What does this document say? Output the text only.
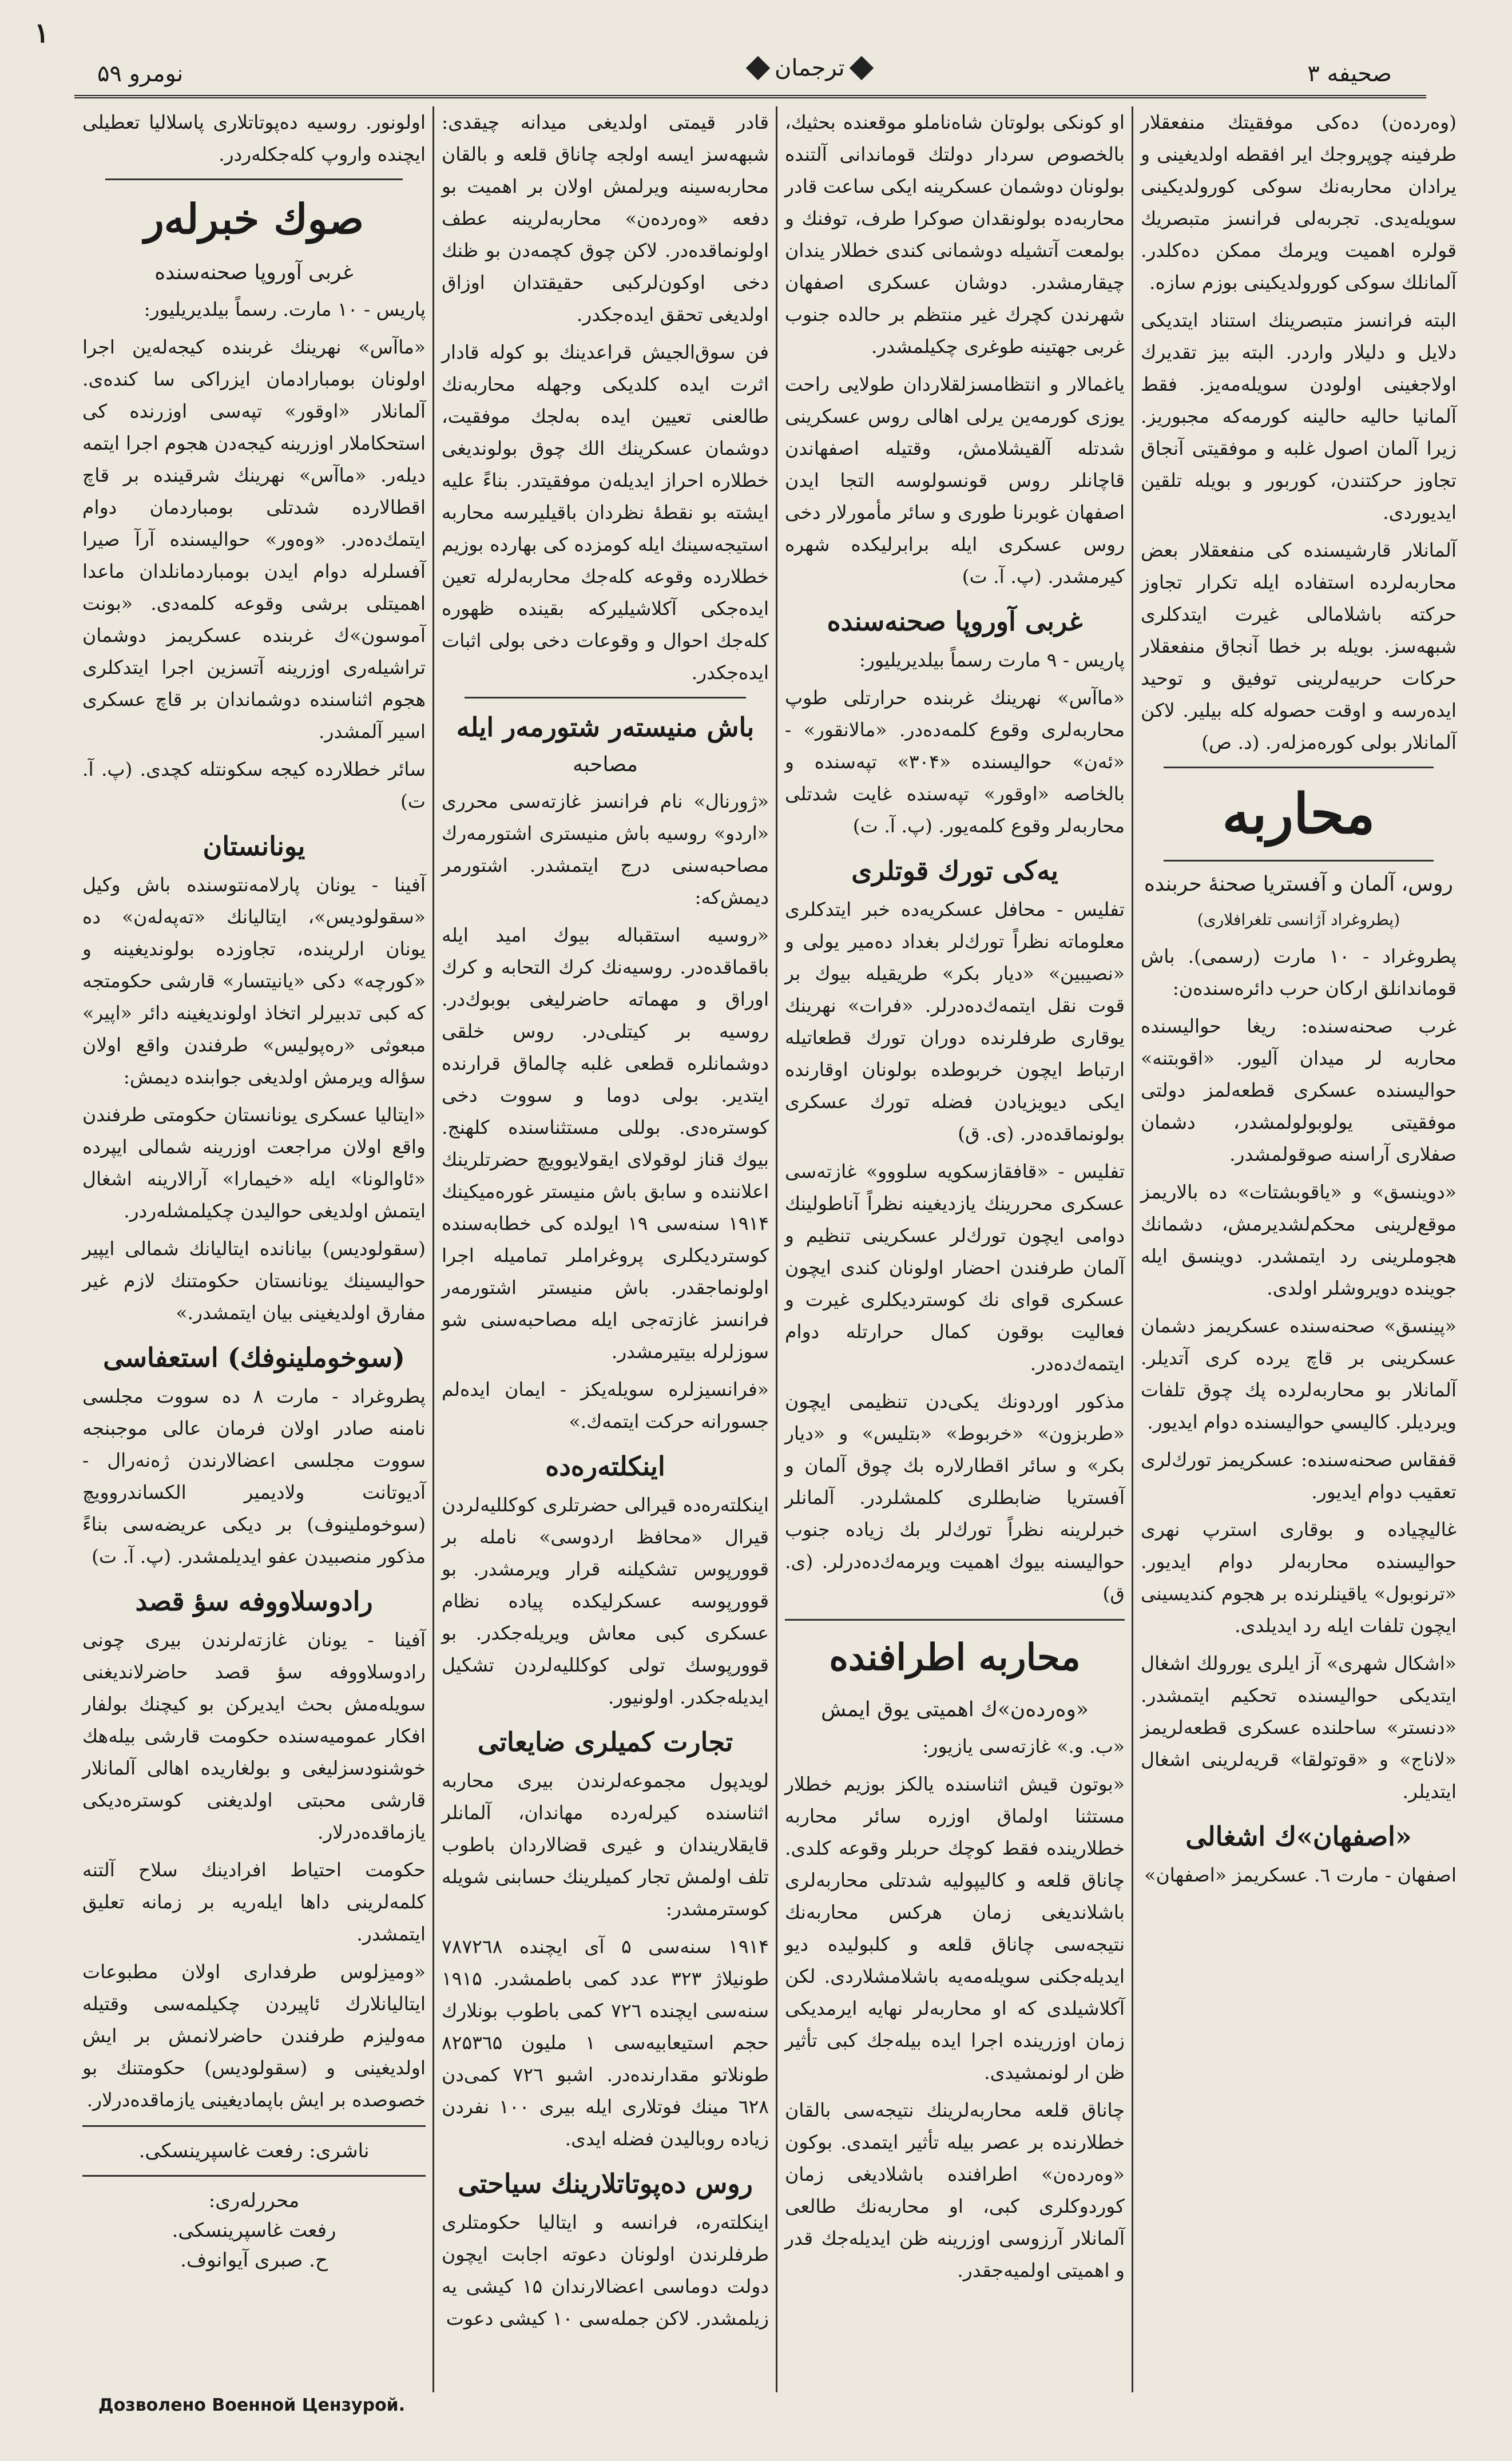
نومرو ۵۹	ترجمان	صحیفه ۳
١

(وەردەن) دەکی موفقیتك منفعقلار طرفینه چوپروجك ایر افقطه اولدیغینی و یرادان محاربەنك سوکی کورولدیکینی سویلەیدی. تجربەلی فرانسز متبصریك قولره اهمیت ویرمك ممکن دەکلدر. آلمانلك سوکی کورولدیکینی بوزم سازه.

البته فرانسز متبصرینك استناد ایتدیکی دلایل و دلیلار واردر. البته بیز تقدیرك اولاجغینی اولودن سویلەمەیز. فقط آلمانیا حالیه حالینه کورمەکه مجبوریز. زیرا آلمان اصول غلبه و موفقیتی آنجاق تجاوز حرکتندن، کوربور و بویله تلقین ایدیوردی.

آلمانلار قارشیسنده کی منفعقلار بعض محاربه‌لرده استفاده ایله تکرار تجاوز حرکته باشلامالی غیرت ایتدکلری شبهه‌سز. بویله بر خطا آنجاق منفعقلار حرکات حربیه‌لرینی توفیق و توحید ایده‌رسه و اوقت حصوله کله بیلیر. لاکن آلمانلار بولی کوره‌مزلەر. (د. ص)

محاربه
روس، آلمان و آفستریا صحنهٔ حربنده
(پطروغراد آژانسی تلغرافلاری)

پطروغراد - ۱۰ مارت (رسمی). باش قوماندانلق ارکان حرب دائره‌سندەن:

غرب صحنه‌سنده: ریغا حوالیسنده محاربه‌ لر میدان آلیور. «اقوبتنه» حوالیسنده عسکری قطعه‌لمز دولتی موفقیتی یولوبولولمشدر، دشمان صفلاری آراسنه صوقولمشدر.

«دوینسق» و «یاقوبشتات» ده بالاریمز موقع‌لرینی محکم‌لشدیرمش، دشمانك هجوملرینی رد ایتمشدر. دوینسق ایله جوینده دویروشلر اولدی.

«پینسق» صحنه‌سنده عسکریمز دشمان عسکرینی بر قاچ یرده کری آتدیلر. آلمانلار بو محاربه‌لرده پك چوق تلفات ویردیلر. کاليسي حوالیسنده دوام ایدیور.

قفقاس صحنه‌سنده: عسکریمز تورك‌لری تعقیب دوام ایدیور.

غالیچیاده و بوقاری استرپ نهری حوالیسنده محاربه‌لر دوام ایدیور. «ترنوبول» یاقینلرنده بر هجوم کندیسینی ایچون تلفات ایله رد ایدیلدی.

«اشکال شهری» آز ایلری یورولك اشغال ایتدیکی حوالیسنده تحکیم ایتمشدر. «دنستر» ساحلنده عسکری قطعه‌لریمز «لاناج» و «قوتولقا» قریه‌لرینی اشغال ایتدیلر.

«اصفهان»ك اشغالی

اصفهان - مارت ٦. عسکریمز «اصفهان»

او کونکی بولوتان شاه‌ناملو موقعنده بحثیك، بالخصوص سردار دولتك قوماندانی آلتنده بولونان دوشمان عسکرینه ایکی ساعت قادر محاربه‌ده بولونقدان صوکرا طرف، توفنك و بولمعت آتشیله دوشمانی کندی خطلار یندان چیقارمشدر. دوشان عسکری اصفهان شهرندن کچرك غیر منتظم بر حالده جنوب غربی جهتینه طوغری چکیلمشدر.

یاغمالار و انتظامسزلقلاردان طولایی راحت یوزی کورمه‌ین یرلی اهالی روس عسکرینی شدتله آلقیشلامش، وقتیله اصفهاندن قاچانلر روس قونسولوسه التجا ایدن اصفهان غوبرنا طوری و سائر مأمورلار دخی روس عسکری ایله برابرلیکده شهره کیرمشدر. (پ. آ. ت)

غربی آوروپا صحنه‌سنده

پاریس - ۹ مارت رسماً بیلدیریلیور:

«ماآس» نهرینك غربنده حرارتلی طوپ محاربه‌لری وقوع کلمه‌ده‌در. «مالانقور» - «ئەن» حوالیسنده «۳۰۴» تپه‌سنده و بالخاصه «اوقور» تپه‌سنده غایت شدتلی محاربه‌لر وقوع کلمه‌یور. (پ. آ. ت)

یه‌کی تورك قوتلری

تفلیس - محافل عسکریه‌ده خبر ایتدکلری معلوماته نظراً تورك‌لر بغداد ده‌میر یولی و «نصیبین» «دیار بکر» طریقیله بیوك بر قوت نقل ایتمه‌ك‌ده‌درلر. «فرات» نهرینك یوقاری طرفلرنده دوران تورك قطعاتیله ارتباط ایچون خربوطده بولونان اوقارنده ایکی دیویزیادن فضله تورك عسکری بولونماقده‌در. (ی. ق)

تفلیس - «قافقازسکویه سلووو» غازته‌سی عسکری محررینك یازدیغینه نظراً آناطولینك دوامی ایچون تورك‌لر عسکرینی تنظیم و آلمان طرفندن احضار اولونان کندی ایچون عسکری قوای نك کوستردیکلری غیرت و فعالیت بوقون کمال حرارتله دوام ایتمه‌ك‌ده‌در.

مذکور اوردونك یکی‌دن تنظیمی ایچون «طربزون» «خربوط» «بتلیس» و «دیار بکر» و سائر اقطارلاره بك چوق آلمان و آفستریا ضابطلری کلمشلردر. آلمانلر خبرلرینه نظراً تورك‌لر بك زیاده جنوب حوالیسنه بیوك اهمیت ویرمه‌ك‌ده‌درلر. (ی. ق)

محاربه اطرافنده
«وەردەن»ك اهمیتی یوق ایمش

«ب. و.» غازته‌سی یازیور:

«بوتون قیش اثناسنده یالکز بوزیم خطلار مستثنا اولماق اوزره سائر محاربه خطلارینده فقط کوچك حربلر وقوعه کلدی. چاناق قلعه و کالیپولیه شدتلی محاربه‌لری باشلاندیغی زمان هرکس محاربه‌نك نتیجه‌سی چاناق قلعه و کلبولیده‌ دیو ایدیله‌جکنی سویلەمه‌یه باشلامشلاردی. لکن آکلاشیلدی که او محاربه‌لر نهایه ایرمدیکی زمان اوزرینده اجرا ایده بیله‌جك کبی تأثیر ظن ار لونمشیدی.

چاناق قلعه محاربه‌لرینك نتیجه‌سی بالقان خطلارنده بر عصر بیله تأثیر ایتمدی. بوکون «وەردەن» اطرافنده باشلادیغی زمان کوردوکلری کبی، او محاربه‌نك طالعی آلمانلار آرزوسی اوزرینه ظن ایدیله‌جك قدر و اهمیتی اولمیه‌جقدر.

قادر قیمتی اولدیغی میدانه چیقدی: شبهه‌سز ایسه اولجه چاناق قلعه و بالقان محاربه‌سینه ویرلمش اولان بر اهمیت بو دفعه «وەردەن» محاربه‌لرینه عطف اولونماقده‌در. لاکن چوق کچمه‌دن بو ظنك دخی اوکون‌لرکبی حقیقتدان اوزاق اولدیغی تحقق ایده‌جکدر.

فن سوق‌الجیش قراعدینك بو کوله قادار اثرت ایده کلدیکی وجهله محاربه‌نك طالعنی تعیین ایده به‌لجك موفقیت، دوشمان عسکرینك الك چوق بولوندیغی خطلاره احراز ایدیلەن موفقیتدر. بناءً علیه ایشته بو نقطهٔ نظردان باقیلیرسه محاربه استیجه‌سینك ایله کومزده کی بهارده بوزیم خطلارده وقوعه کله‌جك محاربه‌لرله تعین ایده‌جکی آکلاشیلیرکه بقینده ظهوره کله‌جك احوال و وقوعات دخی بولی اثبات ایده‌جکدر.

باش منیستەر شتورمەر ایله
مصاحبه

«ژورنال» نام فرانسز غازته‌سی محرری «اردو» روسیه باش منیستری اشتورمەرك مصاحبه‌سنی درج ایتمشدر. اشتورمر دیمش‌که:

«روسیه استقباله بیوك امید ایله باقماقده‌در. روسیه‌نك کرك التحابه و کرك اوراق و مهماته حاضرلیغی بوبوك‌در. روسیه بر کیتلی‌در. روس خلقی دوشمانلره قطعی غلبه چالماق قرارنده ایتدیر. بولی دوما و سووت دخی کوسترەدی. بوللی مستثنا‌سنده کلهنج. بیوك قناز لوقولای ایقولایوویچ حضرتلرینك اعلاننده و سابق باش منیستر غورەمیکینك ۱۹۱۴ سنه‌سی ۱۹ ایولده کی خطابه‌سنده کوستردیکلری پروغراملر تمامیله اجرا اولونماجقدر. باش منیستر اشتورمەر فرانسز غازته‌جی ایله مصاحبه‌سنی شو سوزلرله بیتیرمشدر.

«فرانسیزلره سویله‌یکز - ایمان ایدەلم جسورانه حرکت ایتمه‌ك.»

اینکلتەرەده

اینکلتەرەده قیرالی حضرتلری کوکللیه‌لردن قیرال «محافظ اردوسی» ناملە بر قوورپوس تشکیلنه قرار ویرمشدر. بو قوورپوسه عسکرلیکده پیاده نظام عسکری کبی معاش ویریله‌جکدر. بو قوورپوسك تولی کوکللیه‌لردن تشکیل ایدیله‌جکدر. اولونیور.

تجارت کمیلری ضایعاتی

لویدپول مجموعه‌لرندن بیری محاربه اثناسنده کیرلەرده مهاندان، آلمانلر قایقلاریندان و غیری قضالاردان باطوب تلف اولمش تجار کمیلرینك حسابنی شویله کوسترمشدر:

۱۹۱۴ سنه‌سی ۵ آی ایچنده ۷۸۷۲٦۸ طونیلاژ ۳۲۳ عدد کمی باطمشدر. ۱۹۱۵ سنه‌سی ایچنده ۷۲٦ کمی باطوب بونلارك حجم استیعابیه‌سی ۱ ملیون ۸۲۵۳٦۵ طونلاتو مقدارنده‌در. اشبو ۷۲٦ کمی‌دن ٦۲۸ مینك فوتلاری ایله بیری ۱۰۰ نفردن زیاده روبالیدن فضله ایدی.

روس دەپوتاتلارینك سیاحتی

اینکلتەرە، فرانسه و ایتالیا حکومتلری طرفلرندن اولونان دعوته اجابت ایچون دولت دوماسی اعضالارندان ۱۵ کیشی یه زیلمشدر. لاکن جمله‌سی ۱۰ کیشی دعوت

اولونور. روسیه دەپوتاتلاری پاسلالیا تعطیلی ایچنده واروپ کله‌جکلەردر.

صوك خبرلەر
غربی آوروپا صحنه‌سنده

پاریس - ۱۰ مارت. رسماً بیلدیریلیور:

«ماآس» نهرینك غربنده کیجه‌لەین اجرا اولونان بومبارادمان ایزراکی سا کنده‌ی. آلمانلار «اوقور» تپه‌سی اوزرنده کی استحکاملار اوزرینه کیجه‌دن هجوم اجرا ایتمه دیلەر. «ماآس» نهرینك شرقینده بر قاچ اقطالارده شدتلی بومباردمان دوام ایتمك‌ده‌در. «وەور» حوالیسنده آرآ صیرا آفسلرله دوام ایدن بومباردمانلدان ماعدا اهمیتلی برشی وقوعه کلمه‌دی. «بونت آموسون»ك غربنده عسکریمز دوشمان تراشیلەری اوزرینه آتسزین اجرا ایتدکلری هجوم اثناسنده دوشماندان بر قاچ عسکری اسیر آلمشدر.

سائر خطلارده کیجه سکونتله کچدی. (پ. آ. ت)

یونانستان

آفینا - یونان پارلامەنتوسنده باش وکیل «سقولودیس»، ایتالیانك «تەپەلەن» ده یونان ارلرینده، تجاوزده بولوندیغینە و «کورچه» دکی «یانیتسار» قارشی حکومتجه که کبی تدبیرلر اتخاذ اولوندیغینه دائر «اپیر» مبعوثی «رەپولیس» طرفندن واقع اولان سؤاله ویرمش اولدیغی جوابنده دیمش:

«ایتالیا عسکری یونانستان حکومتی طرفندن واقع اولان مراجعت اوزرینه شمالی ایپرده «ئاوالونا» ایله «خیمارا» آرالارینه اشغال ایتمش اولدیغی حوالیدن چکیلمشلەردر.

(سقولودیس) بیانانده ایتالیانك شمالی ایپیر حوالیسینك یونانستان حکومتنك لازم غیر مفارق اولدیغینی بیان ایتمشدر.»

(سوخوملینوفك) استعفاسی

پطروغراد - مارت ۸ ده سووت مجلسی نامنه صادر اولان فرمان عالی موجبنجه سووت مجلسی اعضالارندن ژەنەرال - آدیوتانت ولادیمیر الکساندروویچ (سوخوملینوف) بر دیکی عریضه‌سی بناءً مذکور منصبیدن عفو ایدیلمشدر. (پ. آ. ت)

رادوسلاووفه سؤ قصد

آفینا - یونان غازته‌لرندن بیری چونی رادوسلاووفه سؤ قصد حاضرلاندیغنی سویلەمش بحث ایدیرکن بو کیچنك بولفار افکار عمومیه‌سنده حکومت قارشی بیلەهك خوشنودسزلیغی و بولغاریده اهالی آلمانلار قارشی محبتی اولدیغنی کوسترەدیکی یازماقده‌درلار.

حکومت احتیاط افرادینك سلاح آلتنه کلمەلرینی داها ایلەریه بر زمانه تعلیق ایتمشدر.

«ومیزلوس طرفداری اولان مطبوعات ایتالیانلارك ئاپیردن چکیلمه‌سی وقتیله مه‌ولیزم طرفندن حاضرلانمش بر ایش اولدیغینی و (سقولودیس) حکومتنك بو خصوصده بر ایش باپمادیغینی یازماقده‌درلار.

ناشری: رفعت غاسپرینسکی.
محررلەری:
رفعت غاسپرینسکی.
ح. صبری آیوانوف.
Дозволено Военной Цензурой.
